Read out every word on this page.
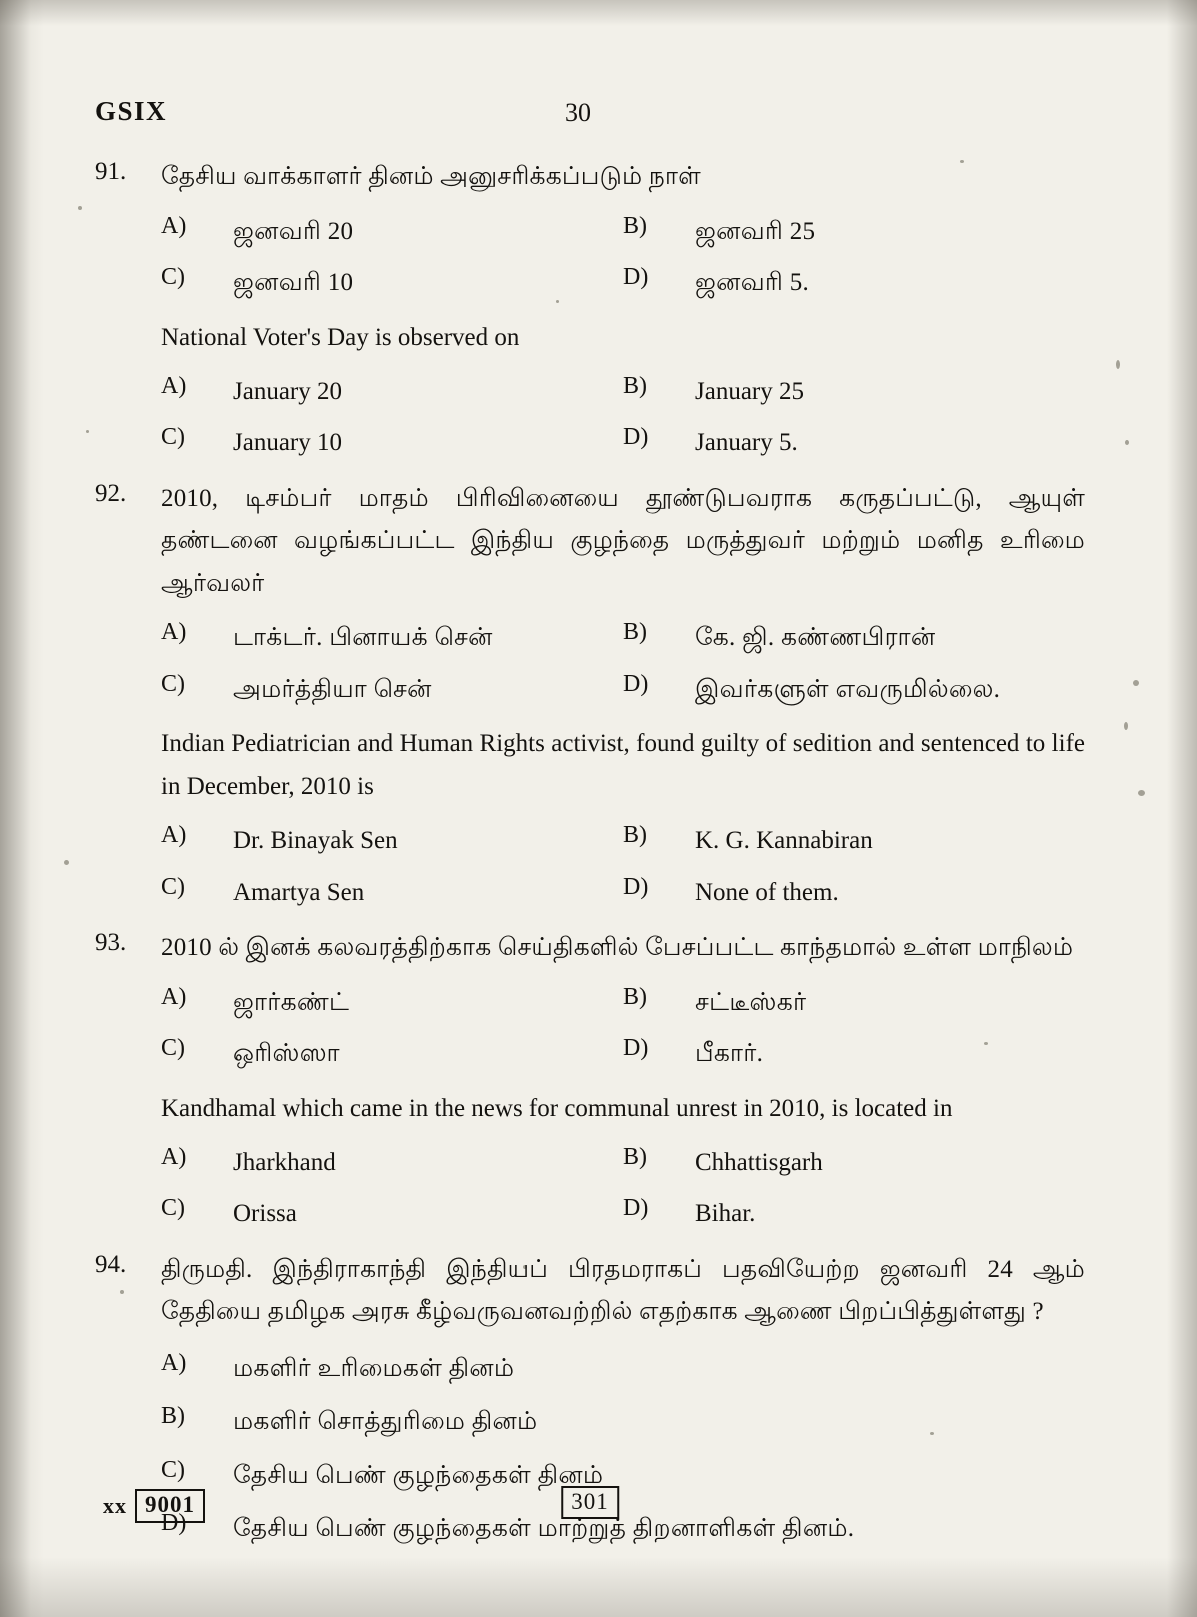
GSIX	30
91.	தேசிய வாக்காளர் தினம் அனுசரிக்கப்படும் நாள்
A)	ஜனவரி 20	B)	ஜனவரி 25
C)	ஜனவரி 10	D)	ஜனவரி 5.
National Voter's Day is observed on
A)	January 20	B)	January 25
C)	January 10	D)	January 5.
92.	2010, டிசம்பர் மாதம் பிரிவினையை தூண்டுபவராக கருதப்பட்டு, ஆயுள் தண்டனை வழங்கப்பட்ட இந்திய குழந்தை மருத்துவர் மற்றும் மனித உரிமை ஆர்வலர்
A)	டாக்டர். பினாயக் சென்	B)	கே. ஜி. கண்ணபிரான்
C)	அமர்த்தியா சென்	D)	இவர்களுள் எவருமில்லை.
Indian Pediatrician and Human Rights activist, found guilty of sedition and sentenced to life in December, 2010 is
A)	Dr. Binayak Sen	B)	K. G. Kannabiran
C)	Amartya Sen	D)	None of them.
93.	2010 ல் இனக் கலவரத்திற்காக செய்திகளில் பேசப்பட்ட காந்தமால் உள்ள மாநிலம்
A)	ஜார்கண்ட்	B)	சட்டீஸ்கர்
C)	ஒரிஸ்ஸா	D)	பீகார்.
Kandhamal which came in the news for communal unrest in 2010, is located in
A)	Jharkhand	B)	Chhattisgarh
C)	Orissa	D)	Bihar.
94.	திருமதி. இந்திராகாந்தி இந்தியப் பிரதமராகப் பதவியேற்ற ஜனவரி 24 ஆம் தேதியை தமிழக அரசு கீழ்வருவனவற்றில் எதற்காக ஆணை பிறப்பித்துள்ளது ?
A)	மகளிர் உரிமைகள் தினம்
B)	மகளிர் சொத்துரிமை தினம்
C)	தேசிய பெண் குழந்தைகள் தினம்
D)	தேசிய பெண் குழந்தைகள் மாற்றுத் திறனாளிகள் தினம்.
xx 9001	301
